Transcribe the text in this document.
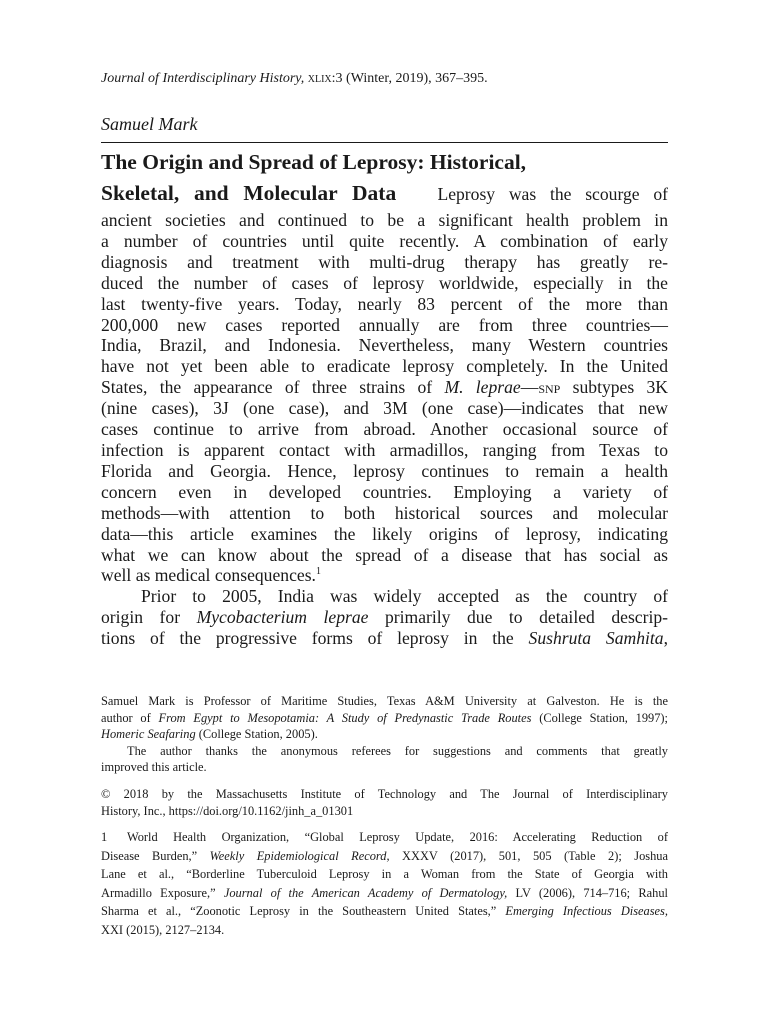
Journal of Interdisciplinary History, xlix:3 (Winter, 2019), 367–395.
Samuel Mark
The Origin and Spread of Leprosy: Historical,
Skeletal, and Molecular Data Leprosy was the scourge of
ancient societies and continued to be a significant health problem in
a number of countries until quite recently. A combination of early
diagnosis and treatment with multi-drug therapy has greatly re-
duced the number of cases of leprosy worldwide, especially in the
last twenty-five years. Today, nearly 83 percent of the more than
200,000 new cases reported annually are from three countries—
India, Brazil, and Indonesia. Nevertheless, many Western countries
have not yet been able to eradicate leprosy completely. In the United
States, the appearance of three strains of M. leprae—snp subtypes 3K
(nine cases), 3J (one case), and 3M (one case)—indicates that new
cases continue to arrive from abroad. Another occasional source of
infection is apparent contact with armadillos, ranging from Texas to
Florida and Georgia. Hence, leprosy continues to remain a health
concern even in developed countries. Employing a variety of
methods—with attention to both historical sources and molecular
data—this article examines the likely origins of leprosy, indicating
what we can know about the spread of a disease that has social as
well as medical consequences.$^1$
Prior to 2005, India was widely accepted as the country of
origin for Mycobacterium leprae primarily due to detailed descrip-
tions of the progressive forms of leprosy in the Sushruta Samhita,
Samuel Mark is Professor of Maritime Studies, Texas A&M University at Galveston. He is the
author of From Egypt to Mesopotamia: A Study of Predynastic Trade Routes (College Station, 1997);
Homeric Seafaring (College Station, 2005).
The author thanks the anonymous referees for suggestions and comments that greatly
improved this article.
© 2018 by the Massachusetts Institute of Technology and The Journal of Interdisciplinary
History, Inc., https://doi.org/10.1162/jinh_a_01301
1 World Health Organization, “Global Leprosy Update, 2016: Accelerating Reduction of
Disease Burden,” Weekly Epidemiological Record, XXXV (2017), 501, 505 (Table 2); Joshua
Lane et al., “Borderline Tuberculoid Leprosy in a Woman from the State of Georgia with
Armadillo Exposure,” Journal of the American Academy of Dermatology, LV (2006), 714–716; Rahul
Sharma et al., “Zoonotic Leprosy in the Southeastern United States,” Emerging Infectious Diseases,
XXI (2015), 2127–2134.
